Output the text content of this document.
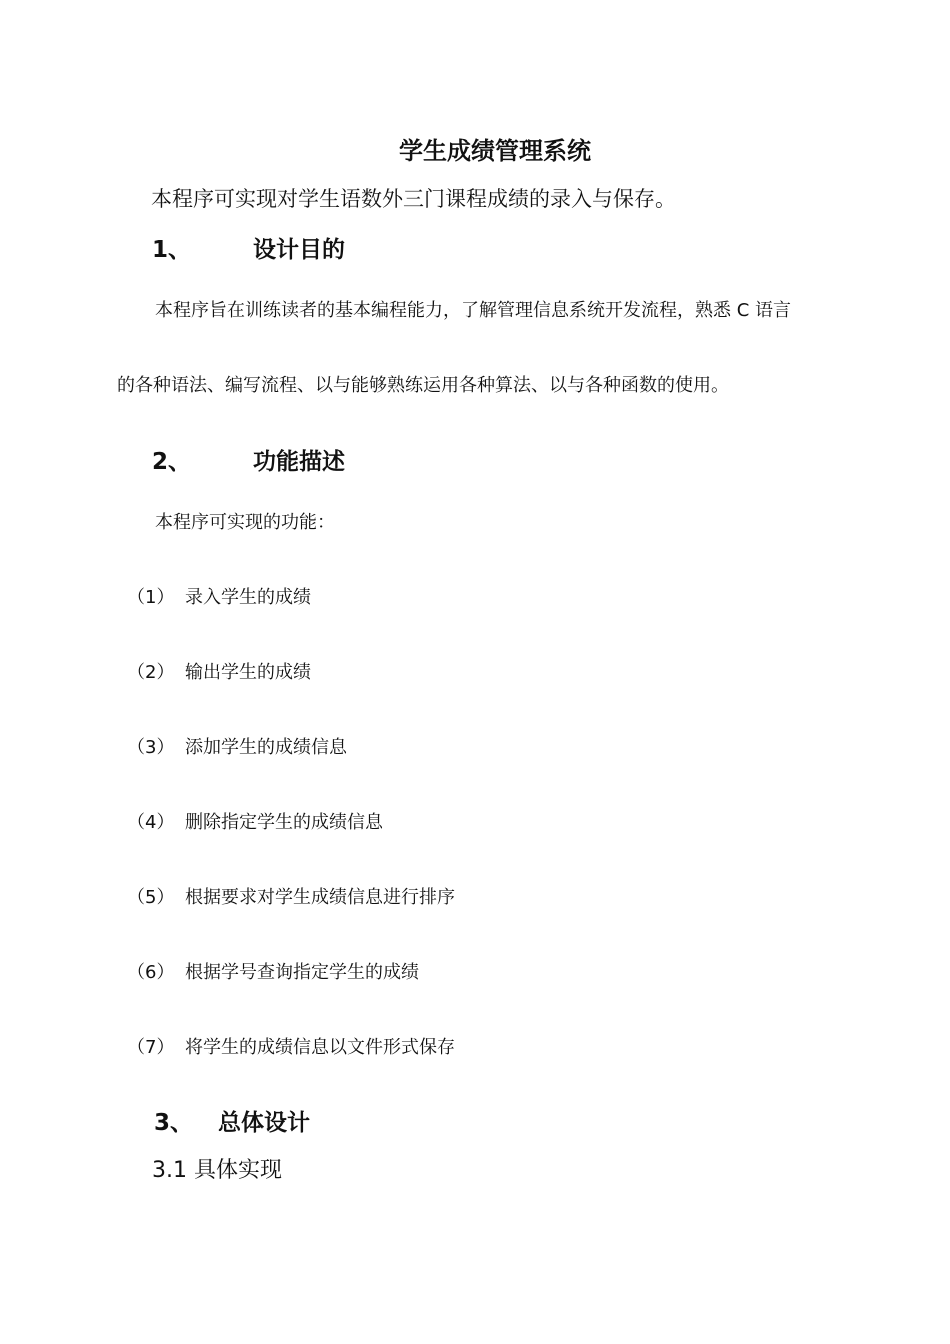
学生成绩管理系统
本程序可实现对学生语数外三门课程成绩的录入与保存。
1、	设计目的
本程序旨在训练读者的基本编程能力，了解管理信息系统开发流程，熟悉 C 语言
的各种语法、编写流程、以与能够熟练运用各种算法、以与各种函数的使用。
2、	功能描述
本程序可实现的功能：
（1） 录入学生的成绩
（2） 输出学生的成绩
（3） 添加学生的成绩信息
（4） 删除指定学生的成绩信息
（5） 根据要求对学生成绩信息进行排序
（6） 根据学号查询指定学生的成绩
（7） 将学生的成绩信息以文件形式保存
3、 总体设计
3.1 具体实现
